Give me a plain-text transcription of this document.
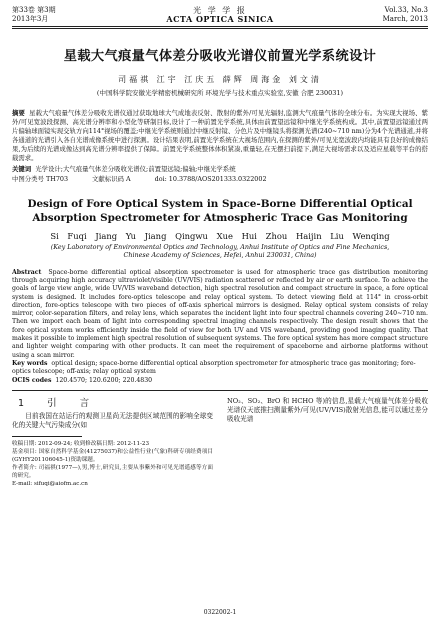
第33卷 第3期
2013年3月
光 学 学 报
ACTA OPTICA SINICA
Vol.33, No.3
March, 2013
星载大气痕量气体差分吸收光谱仪前置光学系统设计
司福祺 江宇 江庆五 薛辉 周海金 刘文清
(中国科学院安徽光学精密机械研究所 环境光学与技术重点实验室,安徽 合肥 230031)
摘要 星载大气痕量气体差分吸收光谱仪通过获取地球大气成地表反射、散射的紫外/可见光辐射,监测大气痕量气体的全球分布。为实现大视场、紫外/可见宽波段探测、高光谱分辨率和小型化等研制目标,设计了一种前置光学系统,具体由前置望远镜和中继光学系统构成。其中,前置望远镜通过两片偏轴球面镜实现交轨方向114°视场的覆盖;中继光学系统则通过中继反射镜、分色片及中继镜头将探测光谱(240~710 nm)分为4个光谱通道,并将各通道的光谱引入各自光谱成像系统中进行探测。设计结果表明,前置光学系统在大视场范围内,在探测的紫外/可见光宽波段内均能具有良好的成像结果,为后续的光谱成像达到高光谱分辨率提供了保障。前置光学系统整体体积紧凑,重量轻,在无摆扫前提下,满足大视场需求以及适应星载等平台的搭载需求。
关键词 光学设计;大气痕量气体差分吸收光谱仪;前置望远镜;偏轴;中继光学系统
中图分类号 TH703	文献标识码 A	doi: 10.3788/AOS201333.0322002
Design of Fore Optical System in Space-Borne Differential Optical
Absorption Spectrometer for Atmospheric Trace Gas Monitoring
Si Fuqi Jiang Yu Jiang Qingwu Xue Hui Zhou Haijin Liu Wenqing
(Key Laboratory of Environmental Optics and Technology, Anhui Institute of Optics and Fine Mechanics,
Chinese Academy of Sciences, Hefei, Anhui 230031, China)
Abstract Space-borne differential optical absorption spectrometer is used for atmospheric trace gas distribution monitoring through acquiring high accuracy ultraviolet/visible (UV/VIS) radiation scattered or reflected by air or earth surface. To achieve the goals of large view angle, wide UV/VIS waveband detection, high spectral resolution and compact structure in space, a fore optical system is designed. It includes fore-optics telescope and relay optical system. To detect viewing field at 114° in cross-orbit direction, fore-optics telescope with two pieces of off-axis spherical mirrors is designed. Relay optical system consists of relay mirror, color-separation filters, and relay lens, which separates the incident light into four spectral channels covering 240~710 nm. Then we import each beam of light into corresponding spectral imaging channels respectively. The design result shows that the fore optical system works efficiently inside the field of view for both UV and VIS waveband, providing good imaging quality. That makes it possible to implement high spectral resolution of subsequent systems. The fore optical system has more compact structure and lighter weight comparing with other products. It can meet the requirement of spaceborne and airborne platforms without using a scan mirror.
Key words optical design; space-borne differential optical absorption spectrometer for atmospheric trace gas monitoring; fore-optics telescope; off-axis; relay optical system
OCIS codes 120.4570; 120.6200; 220.4830
1 引 言
  目前我国在站运行的观测卫星尚无法提供区域范围的影响全球变化的关键大气污染成分(如
收稿日期: 2012-09-24; 收到修改稿日期: 2012-11-23
基金项目: 国家自然科学基金(41275037)和公益性行业(气象)科研专项经费项目(GYHY201106045-1)资助课题。
作者简介: 司福祺(1977—),男,博士,研究员,主要从事紫外和可见光谱遥感等方面的研究。
E-mail: sifuqi@aiofm.ac.cn
NO₂、SO₂、BrO 和 HCHO 等)的信息,星载大气痕量气体差分吸收光谱仪天底推扫测量紫外/可见(UV/VIS)散射光信息,能可以通过差分吸收光谱
0322002-1
